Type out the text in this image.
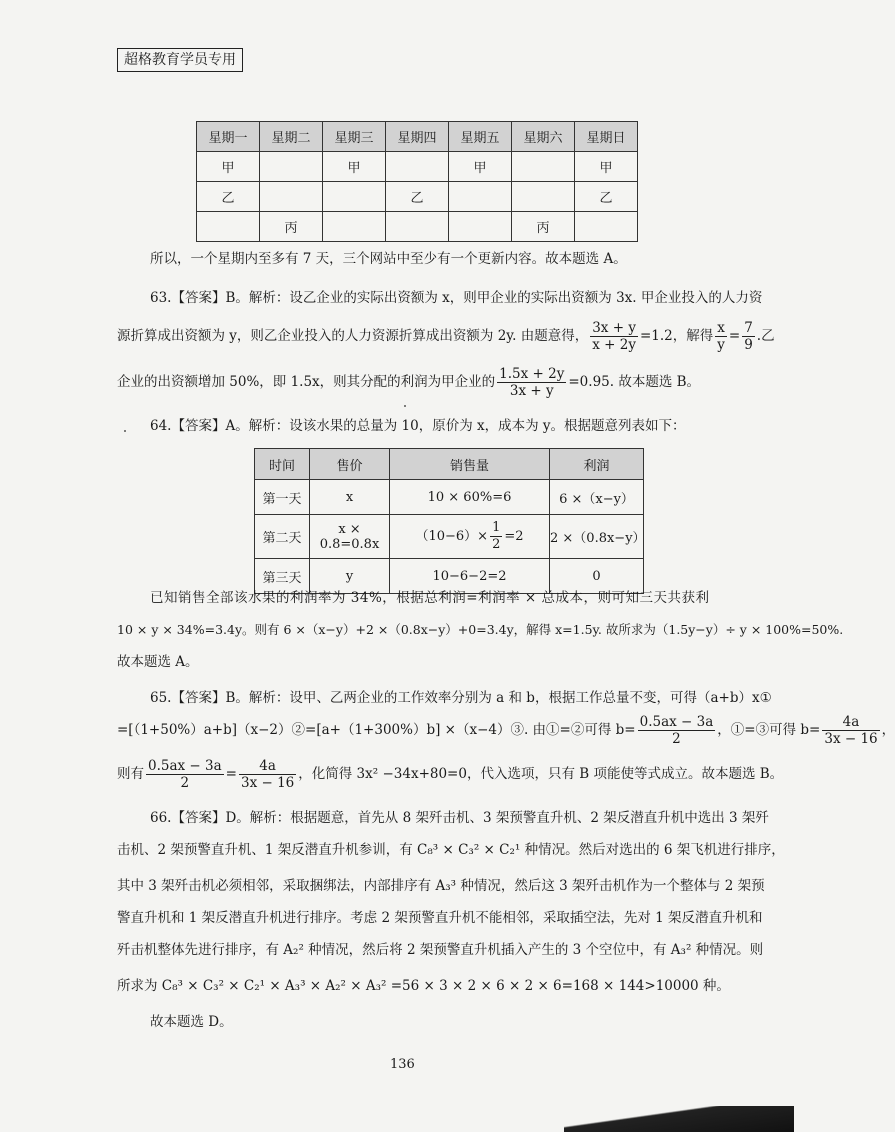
超格教育学员专用
星期一	星期二	星期三	星期四	星期五	星期六	星期日
甲		甲		甲		甲
乙			乙			乙
	丙				丙	
所以，一个星期内至多有 7 天，三个网站中至少有一个更新内容。故本题选 A。
63.【答案】B。解析：设乙企业的实际出资额为 x，则甲企业的实际出资额为 3x. 甲企业投入的人力资
源折算成出资额为 y，则乙企业投入的人力资源折算成出资额为 2y. 由题意得， $\frac{3x + y}{x + 2y} =1.2$，解得 $\frac{x}{y} = \frac{7}{9}$ .乙
企业的出资额增加 50%，即 1.5x，则其分配的利润为甲企业的 $\frac{1.5x + 2y}{3x + y} =0.95$. 故本题选 B。
64.【答案】A。解析：设该水果的总量为 10，原价为 x，成本为 y。根据题意列表如下：
时间	售价	销售量	利润
第一天	x	10 × 60%=6	6 ×（x−y）
第二天	x × 0.8=0.8x	$(10-6)\times \frac{1}{2} =2$	2 ×（0.8x−y）
第三天	y	10−6−2=2	0
已知销售全部该水果的利润率为 34%，根据总利润=利润率 × 总成本，则可知三天共获利
10 × y × 34%=3.4y。则有 6 ×（x−y）+2 ×（0.8x−y）+0=3.4y，解得 x=1.5y. 故所求为（1.5y−y）÷ y × 100%=50%.
故本题选 A。
65.【答案】B。解析：设甲、乙两企业的工作效率分别为 a 和 b，根据工作总量不变，可得（a+b）x①
=[（1+50%）a+b]（x−2）②=[a+（1+300%）b] ×（x−4）③. 由①=②可得 $b= \frac{0.5ax - 3a}{2}$ ，①=③可得 $b= \frac{4a}{3x - 16}$ ，
则有 $\frac{0.5ax - 3a}{2} = \frac{4a}{3x - 16}$ ，化简得 3x² −34x+80=0，代入选项，只有 B 项能使等式成立。故本题选 B。
66.【答案】D。解析：根据题意，首先从 8 架歼击机、3 架预警直升机、2 架反潜直升机中选出 3 架歼
击机、2 架预警直升机、1 架反潜直升机参训，有 C₈³ × C₃² × C₂¹ 种情况。然后对选出的 6 架飞机进行排序，
其中 3 架歼击机必须相邻，采取捆绑法，内部排序有 A₃³ 种情况，然后这 3 架歼击机作为一个整体与 2 架预
警直升机和 1 架反潜直升机进行排序。考虑 2 架预警直升机不能相邻，采取插空法，先对 1 架反潜直升机和
歼击机整体先进行排序，有 A₂² 种情况，然后将 2 架预警直升机插入产生的 3 个空位中，有 A₃² 种情况。则
所求为 C₈³ × C₃² × C₂¹ × A₃³ × A₂² × A₃² =56 × 3 × 2 × 6 × 2 × 6=168 × 144>10000 种。
故本题选 D。
136
